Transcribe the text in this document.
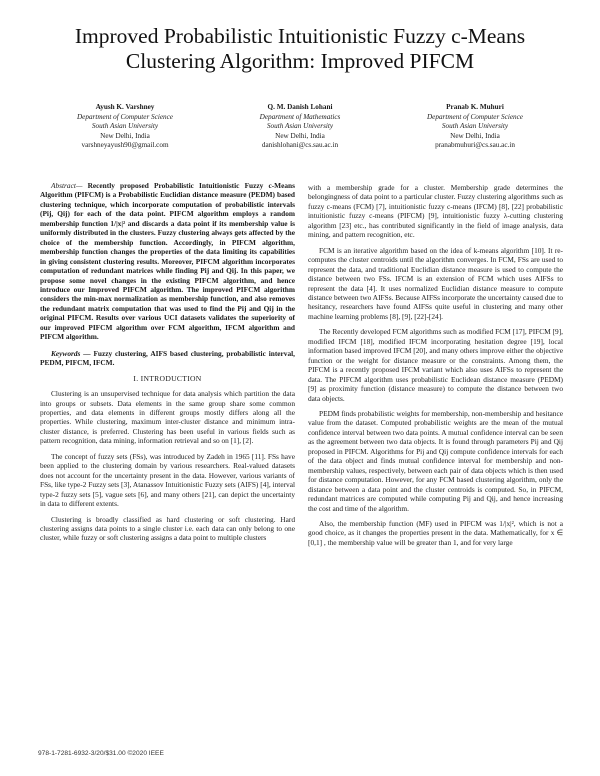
Improved Probabilistic Intuitionistic Fuzzy c-Means Clustering Algorithm: Improved PIFCM
Ayush K. Varshney
Department of Computer Science
South Asian University
New Delhi, India
varshneyayush90@gmail.com
Q. M. Danish Lohani
Department of Mathematics
South Asian University
New Delhi, India
danishlohani@cs.sau.ac.in
Pranab K. Muhuri
Department of Computer Science
South Asian University
New Delhi, India
pranabmuhuri@cs.sau.ac.in
Abstract— Recently proposed Probabilistic Intuitionistic Fuzzy c-Means Algorithm (PIFCM) is a Probabilistic Euclidian distance measure (PEDM) based clustering technique, which incorporate computation of probabilistic intervals (Pij, Qij) for each of the data point. PIFCM algorithm employs a random membership function 1/|x|² and discards a data point if its membership value is uniformly distributed in the clusters. Fuzzy clustering always gets affected by the choice of the membership function. Accordingly, in PIFCM algorithm, membership function changes the properties of the data limiting its capabilities in giving consistent clustering results. Moreover, PIFCM algorithm incorporates computation of redundant matrices while finding Pij and Qij. In this paper, we propose some novel changes in the existing PIFCM algorithm, and hence introduce our Improved PIFCM algorithm. The improved PIFCM algorithm considers the min-max normalization as membership function, and also removes the redundant matrix computation that was used to find the Pij and Qij in the original PIFCM. Results over various UCI datasets validates the superiority of our improved PIFCM algorithm over FCM algorithm, IFCM algorithm and PIFCM algorithm.
Keywords — Fuzzy clustering, AIFS based clustering, probabilistic interval, PEDM, PIFCM, IFCM.
I. INTRODUCTION

Clustering is an unsupervised technique for data analysis which partition the data into groups or subsets. Data elements in the same group share some common properties, and data elements in different groups mostly differs along all the properties. While clustering, maximum inter-cluster distance and minimum intra-cluster distance, is preferred. Clustering has been useful in various fields such as pattern recognition, data mining, information retrieval and so on [1], [2].

The concept of fuzzy sets (FSs), was introduced by Zadeh in 1965 [11]. FSs have been applied to the clustering domain by various researchers. Real-valued datasets does not account for the uncertainty present in the data. However, various variants of FSs, like type-2 Fuzzy sets [3], Atanassov Intuitionistic Fuzzy sets (AIFS) [4], interval type-2 fuzzy sets [5], vague sets [6], and many others [21], can depict the uncertainty in data to different extents.

Clustering is broadly classified as hard clustering or soft clustering. Hard clustering assigns data points to a single cluster i.e. each data can only belong to one cluster, while fuzzy or soft clustering assigns a data point to multiple clusters

with a membership grade for a cluster. Membership grade determines the belongingness of data point to a particular cluster. Fuzzy clustering algorithms such as fuzzy c-means (FCM) [7], intuitionistic fuzzy c-means (IFCM) [8], [22] probabilistic intuitionistic fuzzy c-means (PIFCM) [9], intuitionistic fuzzy λ-cutting clustering algorithm [23] etc., has contributed significantly in the field of image analysis, data mining, and pattern recognition, etc.

FCM is an iterative algorithm based on the idea of k-means algorithm [10]. It re-computes the cluster centroids until the algorithm converges. In FCM, FSs are used to represent the data, and traditional Euclidian distance measure is used to compute the distance between two FSs. IFCM is an extension of FCM which uses AIFSs to represent the data [4]. It uses normalized Euclidian distance measure to compute distance between two AIFSs. Because AIFSs incorporate the uncertainty caused due to hesitancy, researchers have found AIFSs quite useful in clustering and many other machine learning problems [8], [9], [22]-[24].

The Recently developed FCM algorithms such as modified FCM [17], PIFCM [9], modified IFCM [18], modified IFCM incorporating hesitation degree [19], local information based improved IFCM [20], and many others improve either the objective function or the weight for distance measure or the constraints. Among them, the PIFCM is a recently proposed IFCM variant which also uses AIFSs to represent the data. The PIFCM algorithm uses probabilistic Euclidean distance measure (PEDM) [9] as proximity function (distance measure) to compute the distance between two data objects.

PEDM finds probabilistic weights for membership, non-membership and hesitance value from the dataset. Computed probabilistic weights are the mean of the mutual confidence interval between two data points. A mutual confidence interval can be seen as the agreement between two data objects. It is found through parameters Pij and Qij proposed in PIFCM. Algorithms for Pij and Qij compute confidence intervals for each of the data object and finds mutual confidence interval for membership and non-membership values, respectively, between each pair of data objects which is then used for distance computation. However, for any FCM based clustering algorithm, only the distance between a data point and the cluster centroids is computed. So, in PIFCM, redundant matrices are computed while computing Pij and Qij, and hence increasing the cost and time of the algorithm.

Also, the membership function (MF) used in PIFCM was 1/|x|², which is not a good choice, as it changes the properties present in the data. Mathematically, for x ∈ [0,1] , the membership value will be greater than 1, and for very large

978-1-7281-6932-3/20/$31.00 ©2020 IEEE
